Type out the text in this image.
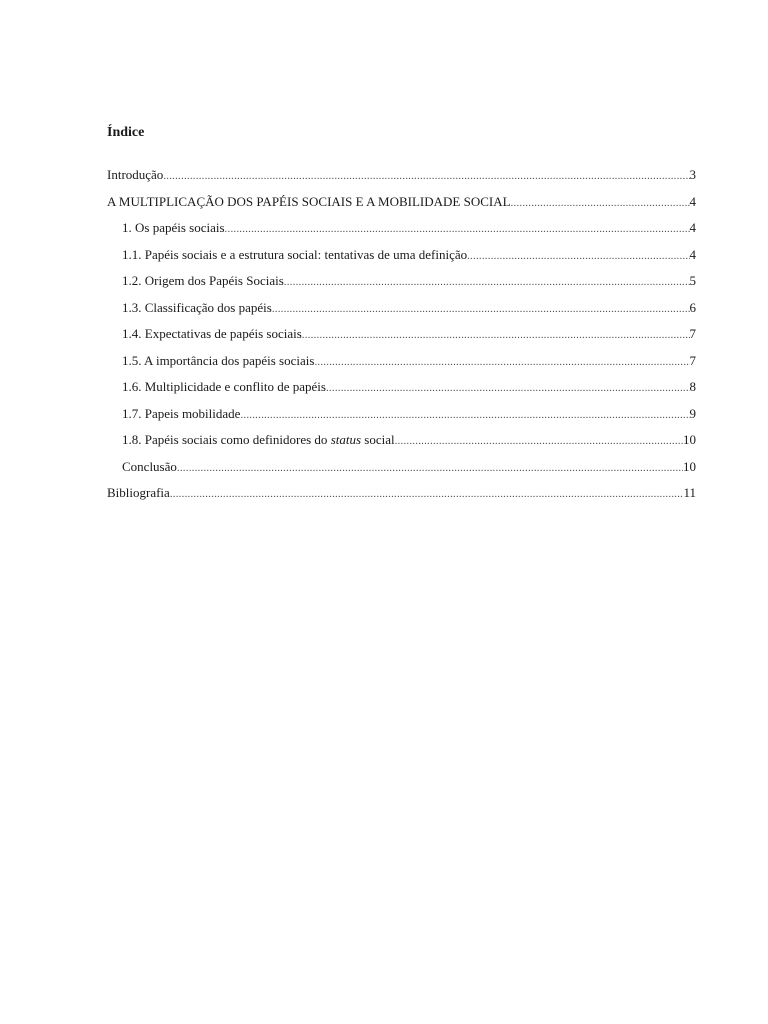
Índice
Introdução .....	3
A MULTIPLICAÇÃO DOS PAPÉIS SOCIAIS E A MOBILIDADE SOCIAL .....	4
1. Os papéis sociais .....	4
1.1. Papéis sociais e a estrutura social: tentativas de uma definição .....	4
1.2. Origem dos Papéis Sociais .....	5
1.3. Classificação dos papéis .....	6
1.4. Expectativas de papéis sociais .....	7
1.5. A importância dos papéis sociais .....	7
1.6. Multiplicidade e conflito de papéis .....	8
1.7. Papeis mobilidade .....	9
1.8. Papéis sociais como definidores do status social .....	10
Conclusão .....	10
Bibliografia .....	11
